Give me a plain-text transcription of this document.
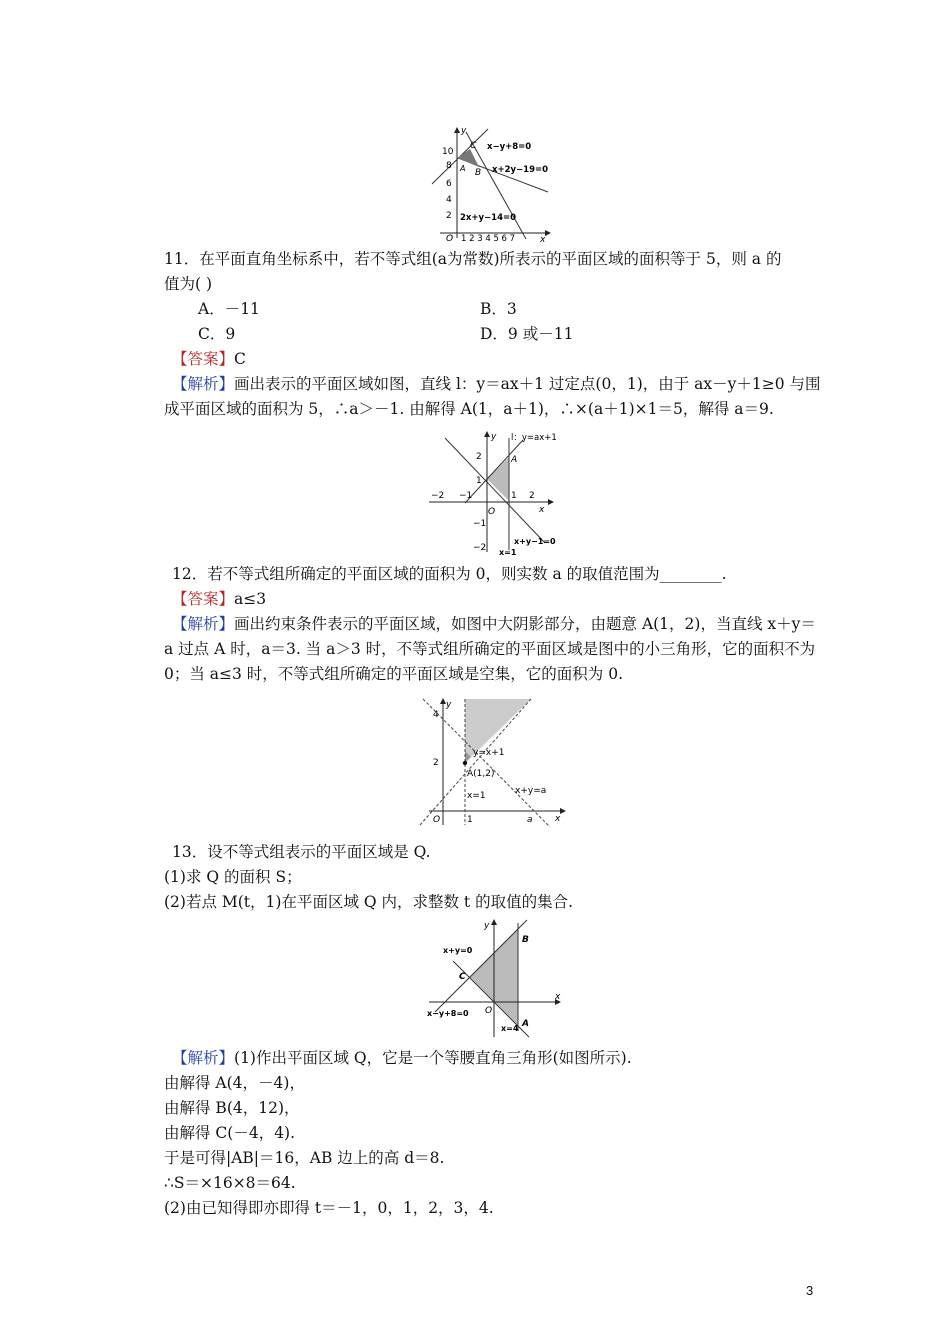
y
x
O
10
8
6
4
2
1 2 3 4 5 6 7
C
A B
x−y+8=0
x+2y−19=0
2x+y−14=0
11．在平面直角坐标系中，若不等式组(a为常数)所表示的平面区域的面积等于 5，则 a 的
值为( )
A．－11	B．3
C．9	D．9 或－11
【答案】C
【解析】画出表示的平面区域如图，直线 l：y＝ax＋1 过定点(0，1)，由于 ax－y＋1≥0 与围
成平面区域的面积为 5，∴a＞－1. 由解得 A(1，a＋1)，∴×(a＋1)×1＝5，解得 a＝9.
y
x
O
l：y=ax+1
A
2
1
−1
−2
−2 −1	1 2
x+y−1=0
x=1
12．若不等式组所确定的平面区域的面积为 0，则实数 a 的取值范围为________.
【答案】a≤3
【解析】画出约束条件表示的平面区域，如图中大阴影部分，由题意 A(1，2)，当直线 x＋y＝
a 过点 A 时，a＝3. 当 a＞3 时，不等式组所确定的平面区域是图中的小三角形，它的面积不为
0；当 a≤3 时，不等式组所确定的平面区域是空集，它的面积为 0.
y
x
O
4
2
1	a
y=x+1
A(1,2)
x=1	x+y=a
13．设不等式组表示的平面区域是 Q.
(1)求 Q 的面积 S；
(2)若点 M(t，1)在平面区域 Q 内，求整数 t 的取值的集合.
y
x
O
B
C
A
x+y=0
x−y+8=0
x=4
【解析】(1)作出平面区域 Q，它是一个等腰直角三角形(如图所示).
由解得 A(4，－4)，
由解得 B(4，12)，
由解得 C(－4，4).
于是可得|AB|＝16，AB 边上的高 d＝8.
∴S＝×16×8＝64.
(2)由已知得即亦即得 t＝－1，0，1，2，3，4.
3
